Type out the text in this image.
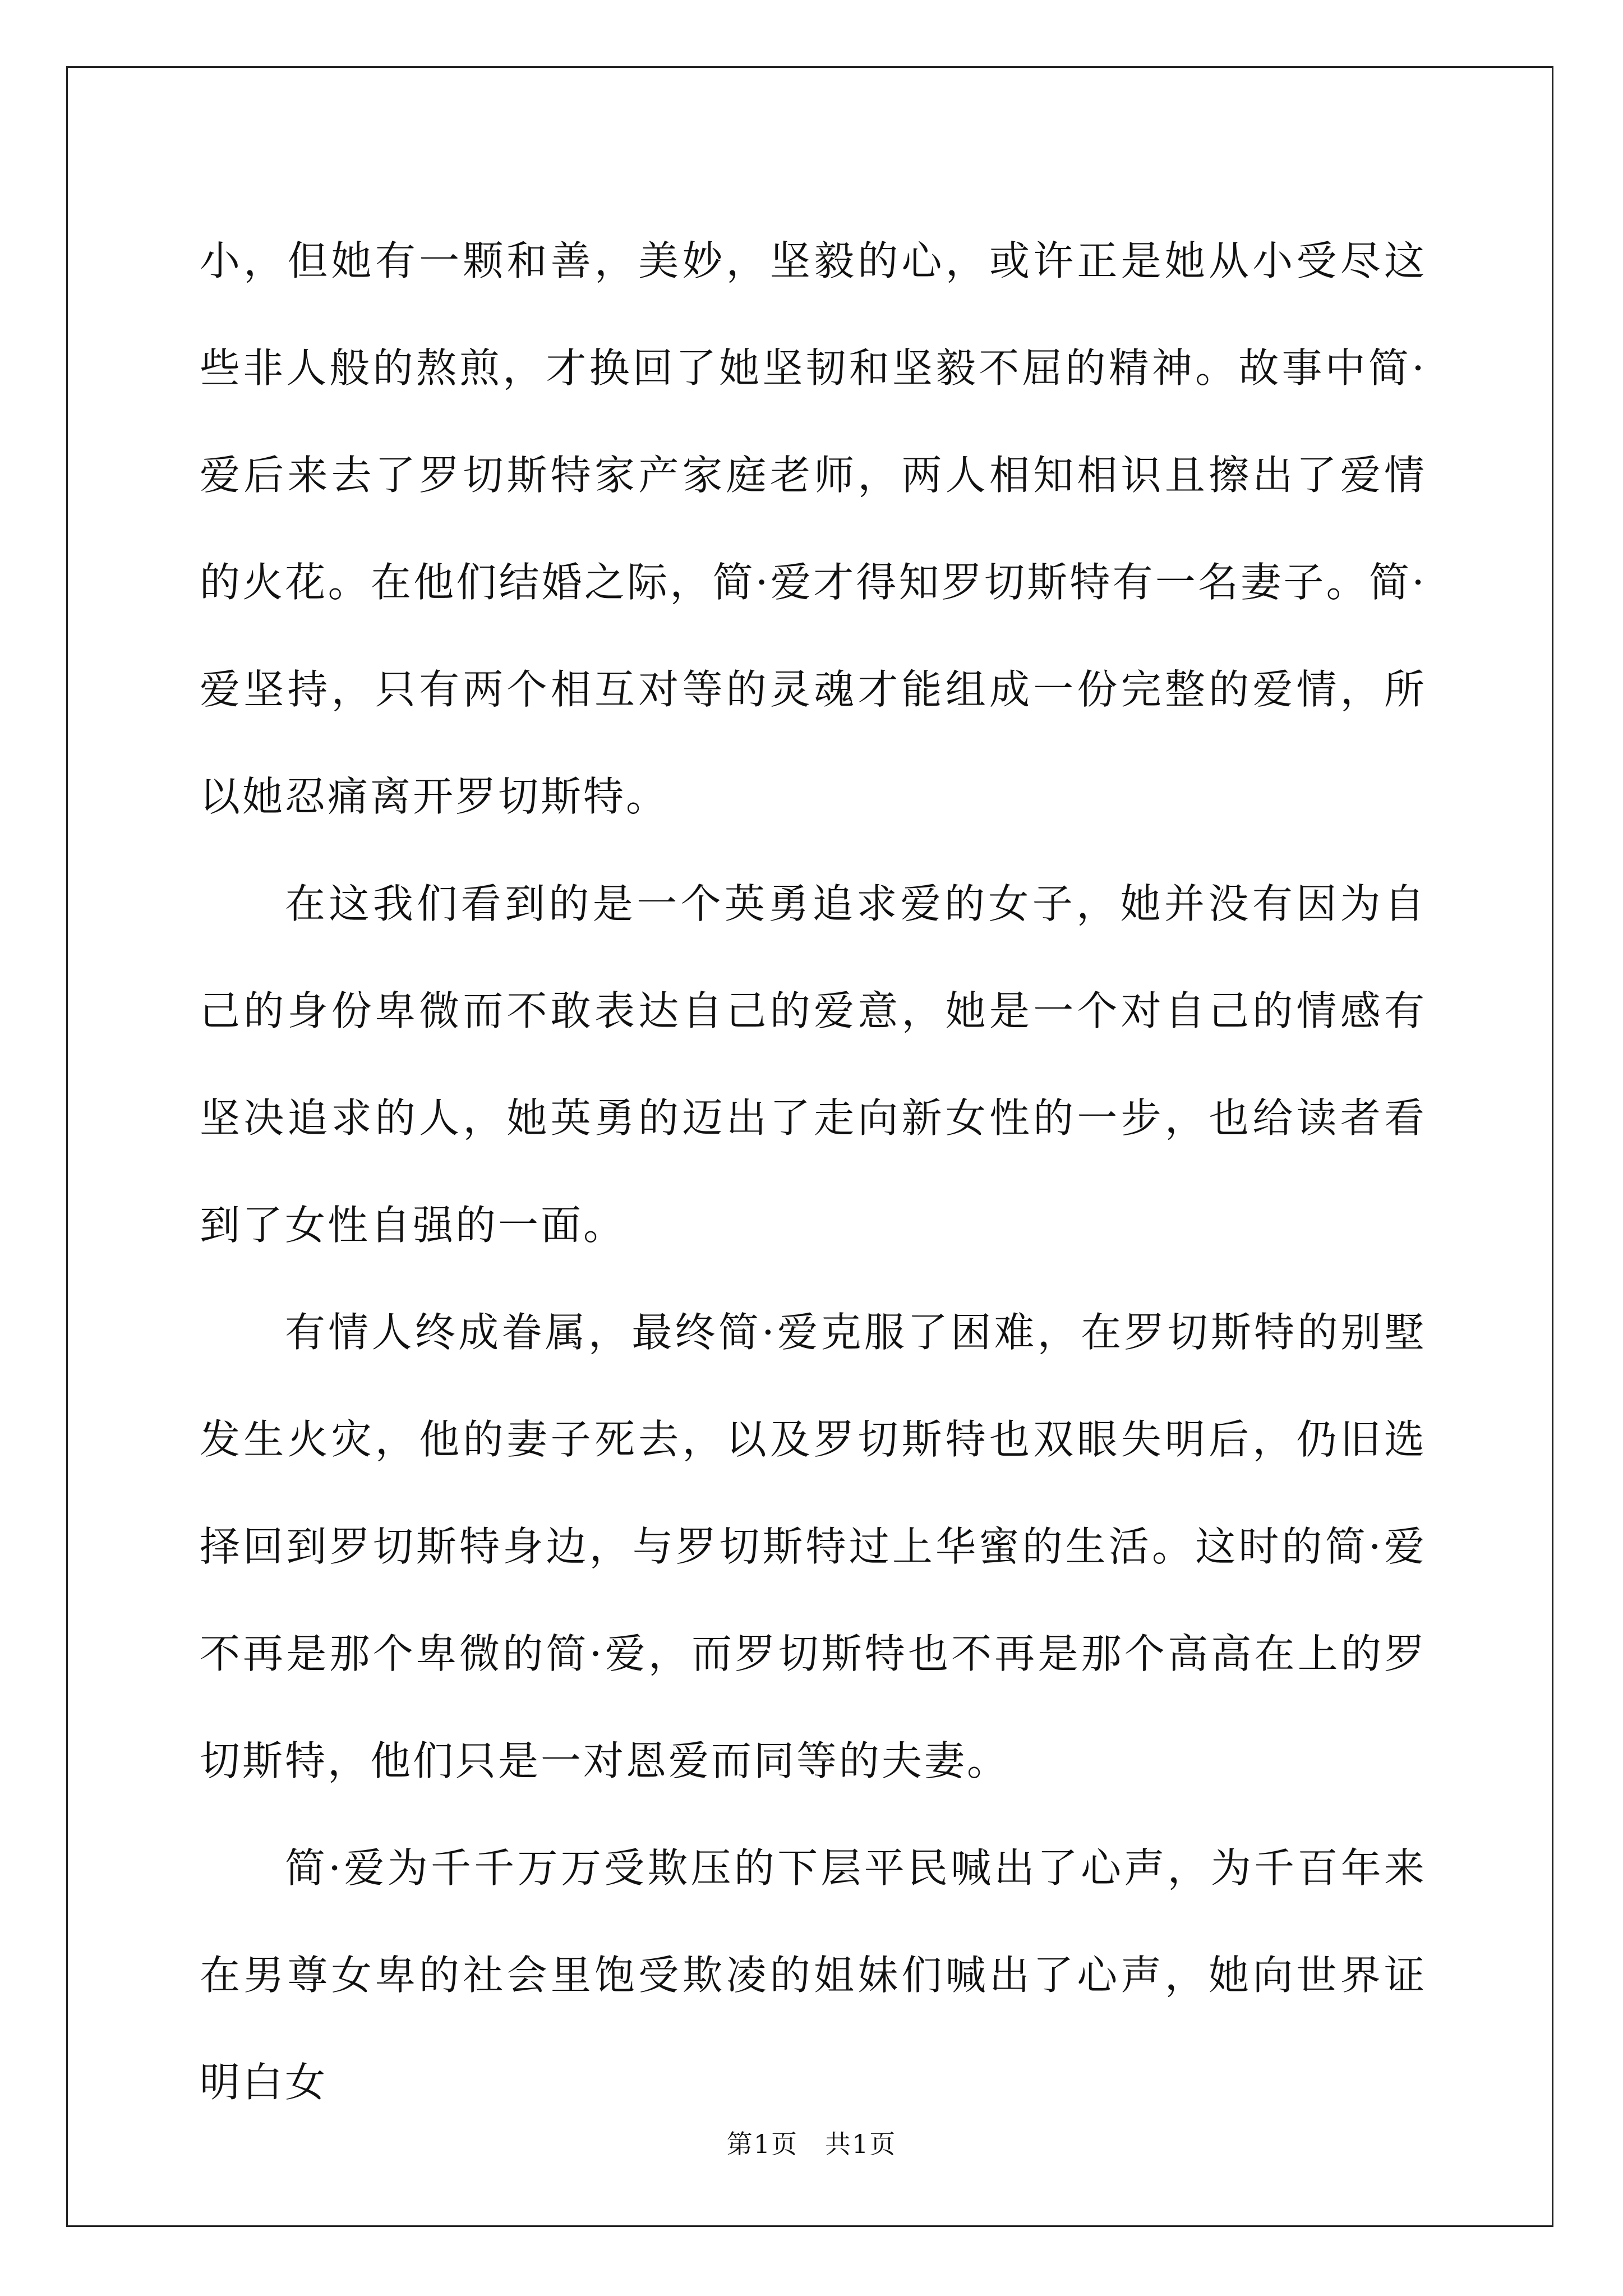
小，但她有一颗和善，美妙，坚毅的心，或许正是她从小受尽这些非人般的熬煎，才换回了她坚韧和坚毅不屈的精神。故事中简·爱后来去了罗切斯特家产家庭老师，两人相知相识且擦出了爱情的火花。在他们结婚之际，简·爱才得知罗切斯特有一名妻子。简·爱坚持，只有两个相互对等的灵魂才能组成一份完整的爱情，所以她忍痛离开罗切斯特。

在这我们看到的是一个英勇追求爱的女子，她并没有因为自己的身份卑微而不敢表达自己的爱意，她是一个对自己的情感有坚决追求的人，她英勇的迈出了走向新女性的一步，也给读者看到了女性自强的一面。

有情人终成眷属，最终简·爱克服了困难，在罗切斯特的别墅发生火灾，他的妻子死去，以及罗切斯特也双眼失明后，仍旧选择回到罗切斯特身边，与罗切斯特过上华蜜的生活。这时的简·爱不再是那个卑微的简·爱，而罗切斯特也不再是那个高高在上的罗切斯特，他们只是一对恩爱而同等的夫妻。

简·爱为千千万万受欺压的下层平民喊出了心声，为千百年来在男尊女卑的社会里饱受欺凌的姐妹们喊出了心声，她向世界证明白女

第1页　共1页
